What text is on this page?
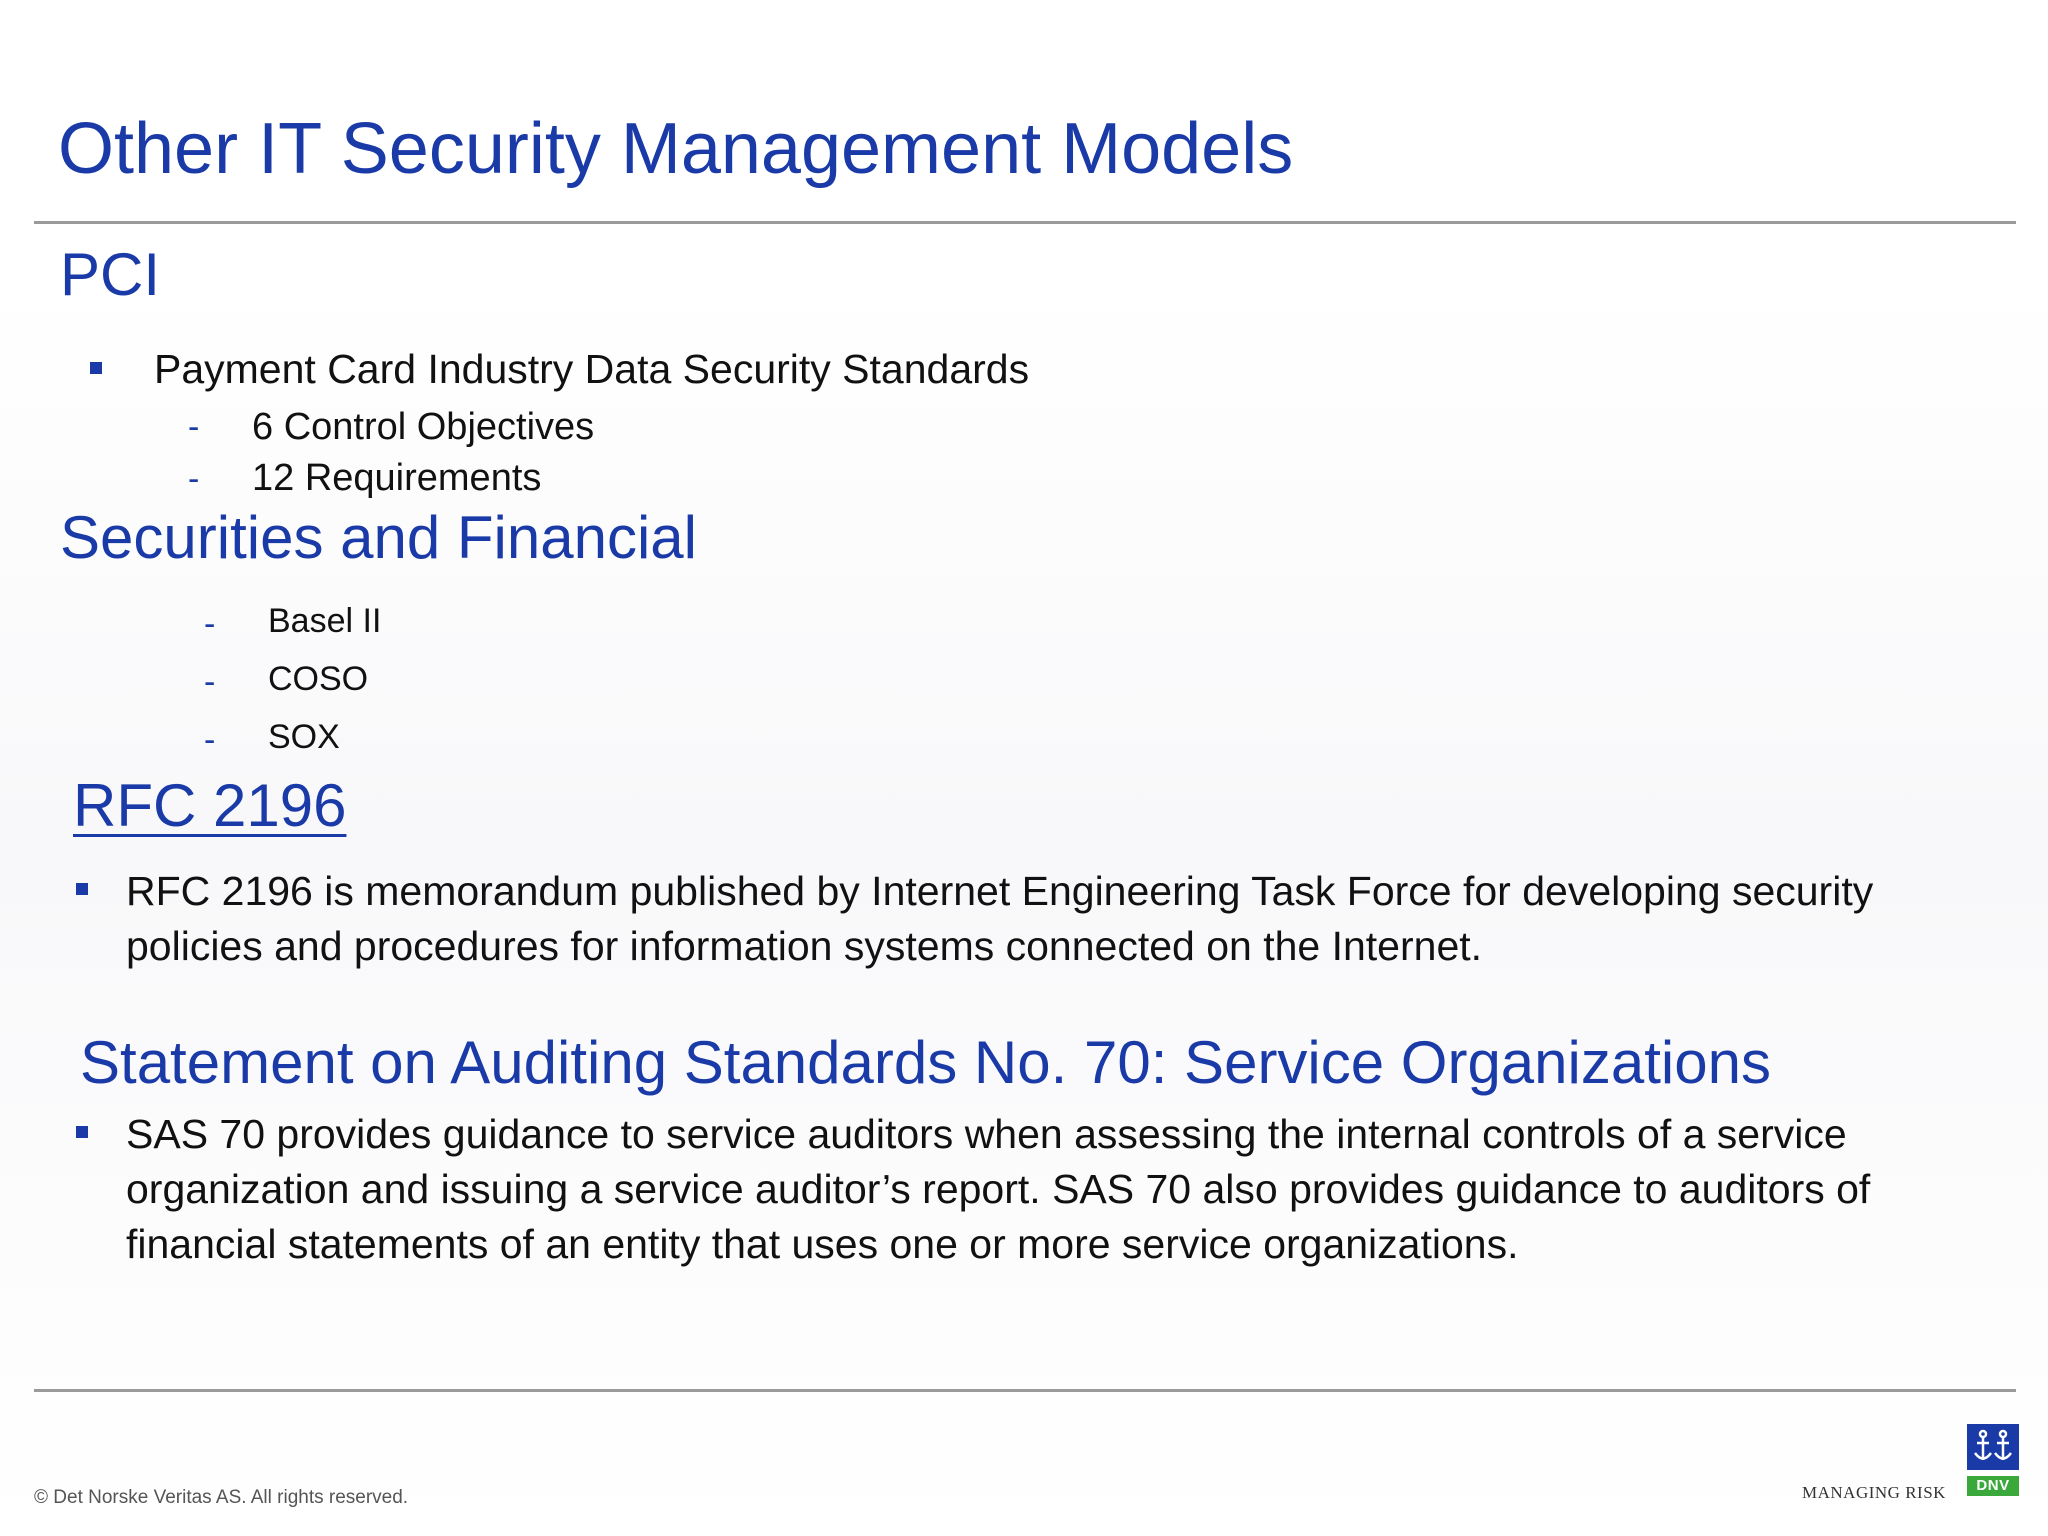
Other IT Security Management Models
PCI

Payment Card Industry Data Security Standards

- 6 Control Objectives
- 12 Requirements
Securities and Financial
- Basel II
- COSO
- SOX
RFC 2196

RFC 2196 is memorandum published by Internet Engineering Task Force for developing security

policies and procedures for information systems connected on the Internet.

Statement on Auditing Standards No. 70: Service Organizations

SAS 70 provides guidance to service auditors when assessing the internal controls of a service

organization and issuing a service auditor’s report. SAS 70 also provides guidance to auditors of

financial statements of an entity that uses one or more service organizations.

© Det Norske Veritas AS. All rights reserved.	MANAGING RISK	DNV
